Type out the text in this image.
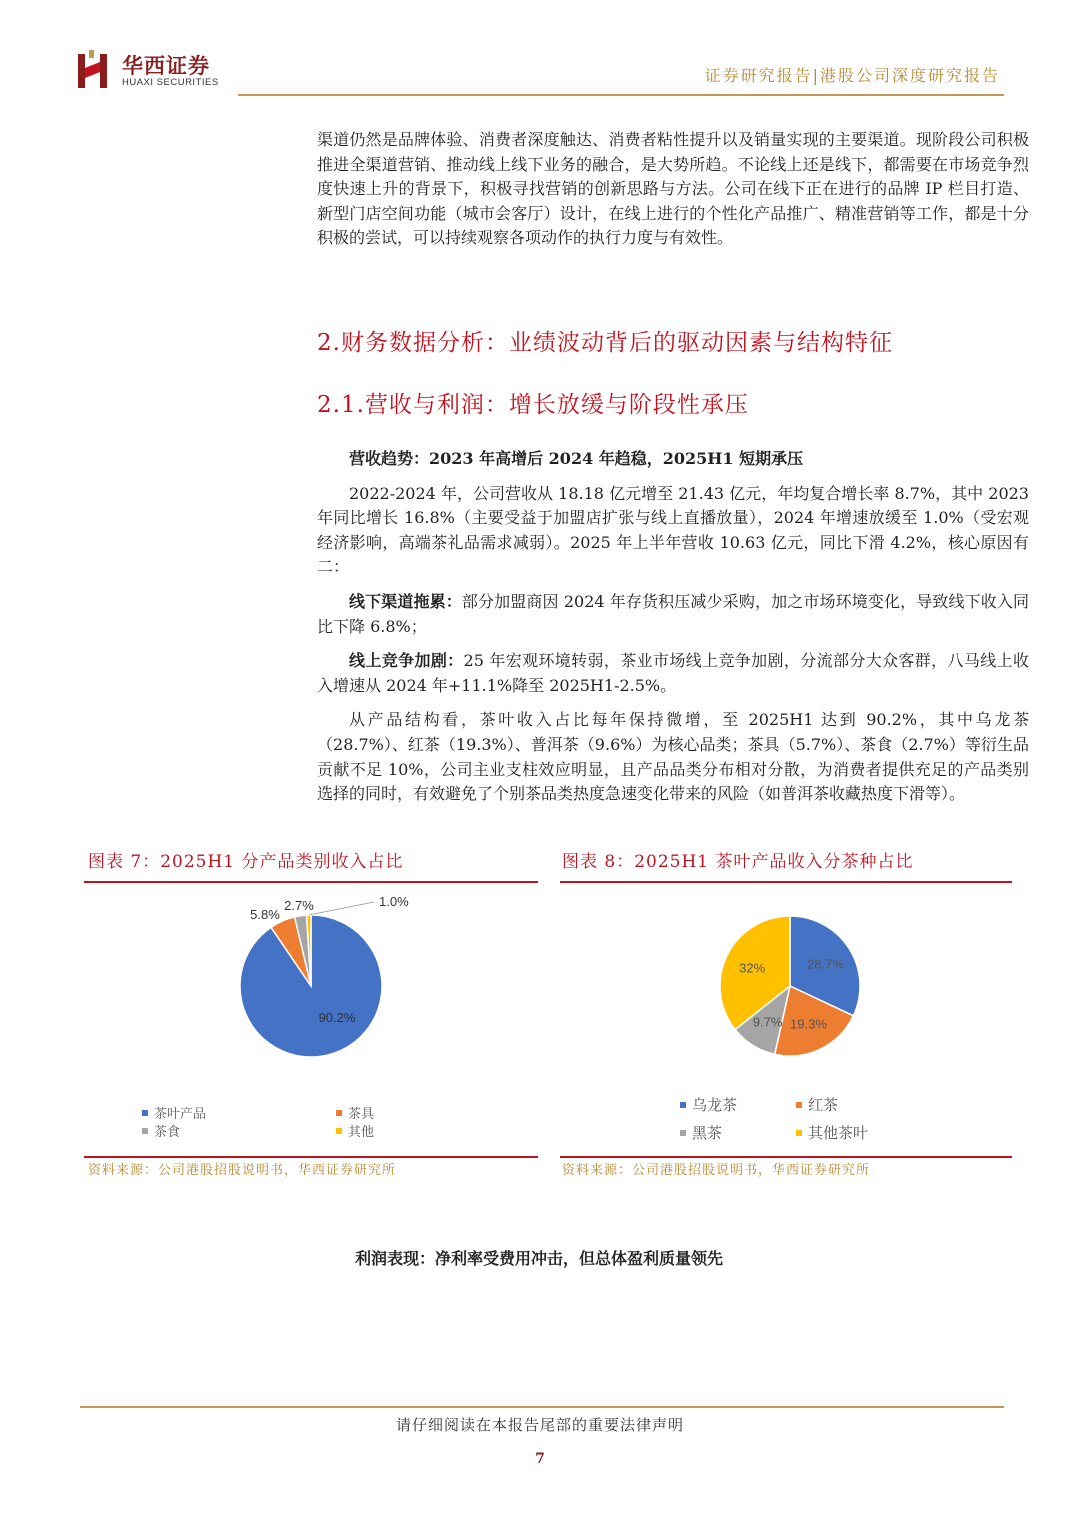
华西证券
HUAXI SECURITIES	证券研究报告|港股公司深度研究报告

渠道仍然是品牌体验、消费者深度触达、消费者粘性提升以及销量实现的主要渠道。现阶段公司积极推进全渠道营销、推动线上线下业务的融合，是大势所趋。不论线上还是线下，都需要在市场竞争烈度快速上升的背景下，积极寻找营销的创新思路与方法。公司在线下正在进行的品牌 IP 栏目打造、新型门店空间功能（城市会客厅）设计，在线上进行的个性化产品推广、精准营销等工作，都是十分积极的尝试，可以持续观察各项动作的执行力度与有效性。

2.财务数据分析：业绩波动背后的驱动因素与结构特征
2.1.营收与利润：增长放缓与阶段性承压

营收趋势：2023 年高增后 2024 年趋稳，2025H1 短期承压

2022-2024 年，公司营收从 18.18 亿元增至 21.43 亿元，年均复合增长率 8.7%，其中 2023 年同比增长 16.8%（主要受益于加盟店扩张与线上直播放量），2024 年增速放缓至 1.0%（受宏观经济影响，高端茶礼品需求减弱）。2025 年上半年营收 10.63 亿元，同比下滑 4.2%，核心原因有二：

线下渠道拖累：部分加盟商因 2024 年存货积压减少采购，加之市场环境变化，导致线下收入同比下降 6.8%；

线上竞争加剧：25 年宏观环境转弱，茶业市场线上竞争加剧，分流部分大众客群，八马线上收入增速从 2024 年+11.1%降至 2025H1-2.5%。

从产品结构看，茶叶收入占比每年保持微增，至 2025H1 达到 90.2%，其中乌龙茶（28.7%）、红茶（19.3%）、普洱茶（9.6%）为核心品类；茶具（5.7%）、茶食（2.7%）等衍生品贡献不足 10%，公司主业支柱效应明显，且产品品类分布相对分散，为消费者提供充足的产品类别选择的同时，有效避免了个别茶品类热度急速变化带来的风险（如普洱茶收藏热度下滑等）。

图表 7：2025H1 分产品类别收入占比
90.2%
5.8%
2.7%	1.0%
茶叶产品	茶具
茶食	其他
资料来源：公司港股招股说明书，华西证券研究所
图表 8：2025H1 茶叶产品收入分茶种占比
28.7%
19.3%
9.7%
32%
乌龙茶	红茶
黑茶	其他茶叶
资料来源：公司港股招股说明书，华西证券研究所
利润表现：净利率受费用冲击，但总体盈利质量领先
请仔细阅读在本报告尾部的重要法律声明
7
